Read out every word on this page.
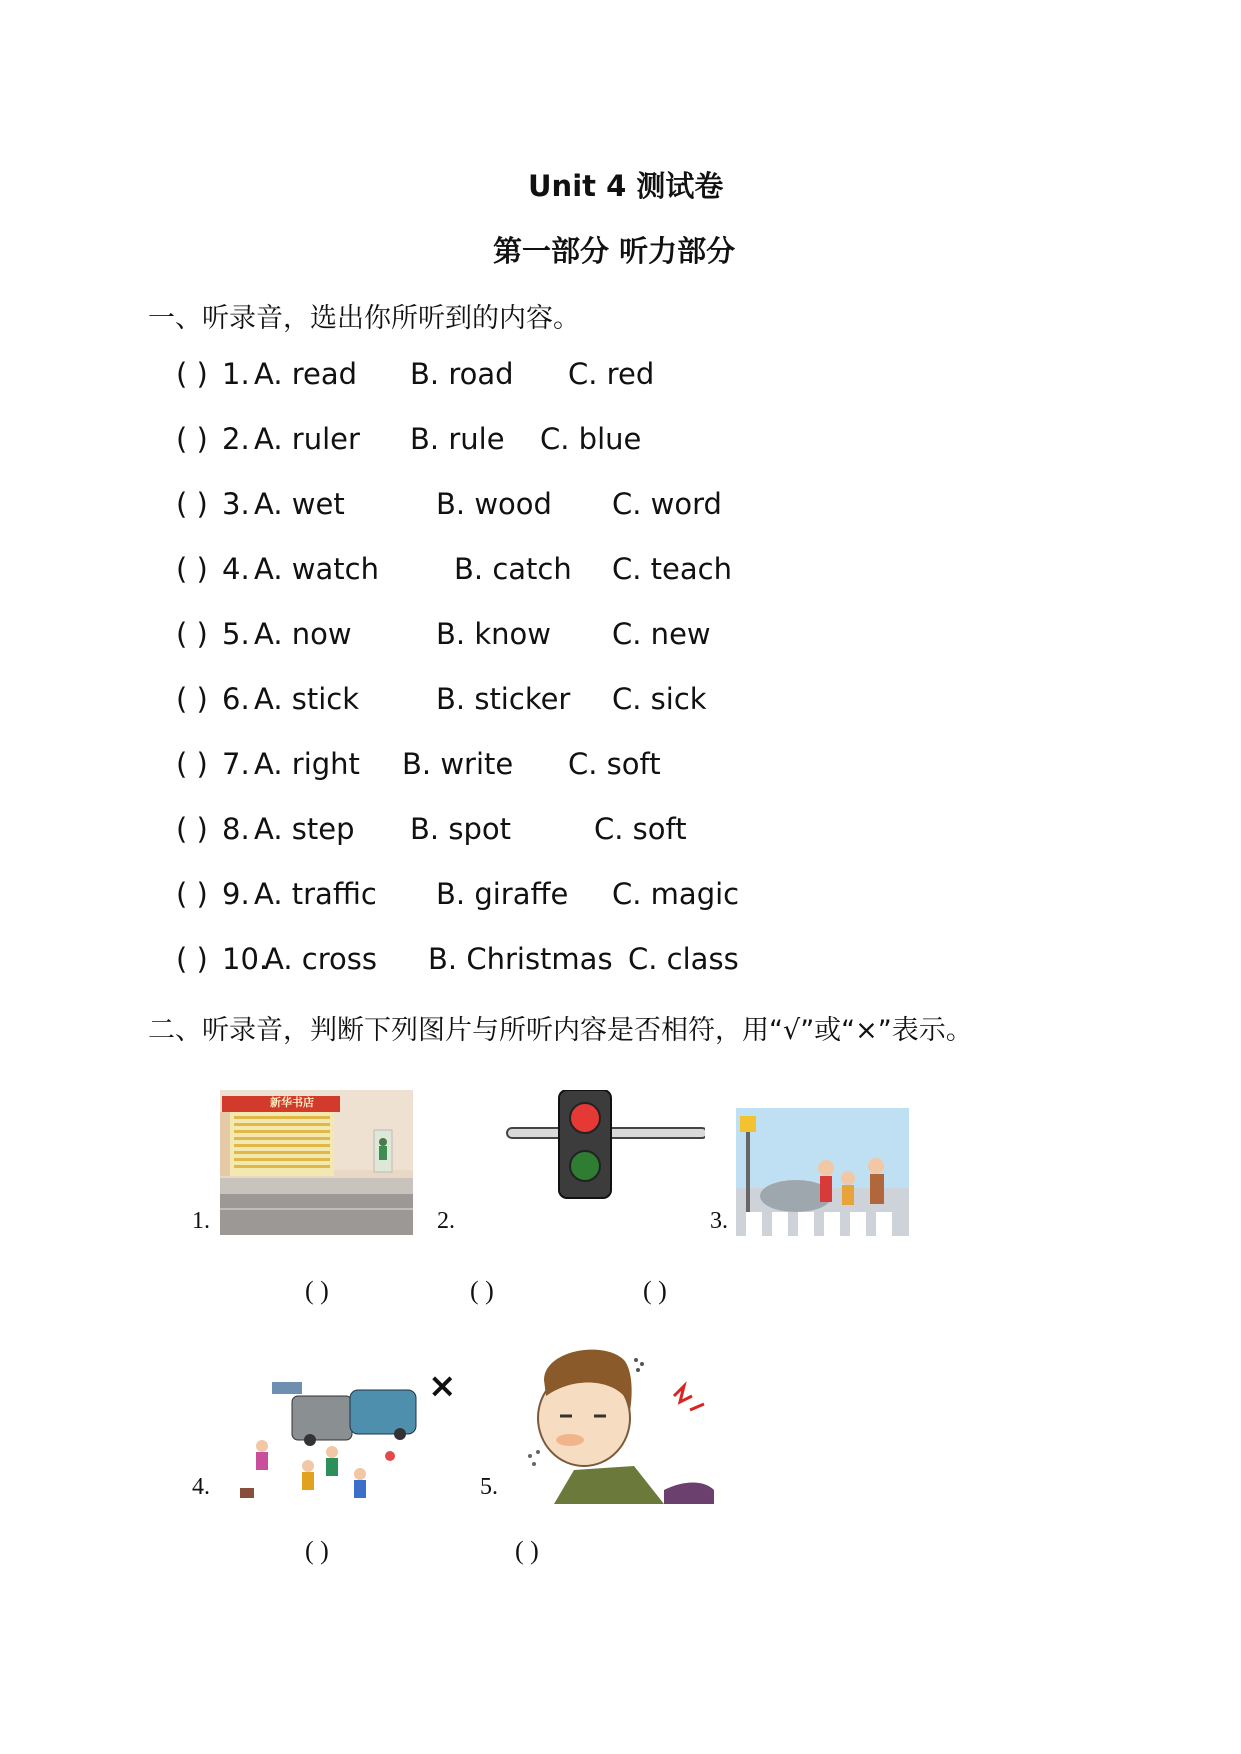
Unit 4 测试卷
第一部分 听力部分
一、听录音，选出你所听到的内容。
( ) 1. A. read B. road C. red
( ) 2. A. ruler B. rule C. blue
( ) 3. A. wet	B. wood C. word
( ) 4. A. watch	B. catch C. teach
( ) 5. A. now	B. know C. new
( ) 6. A. stick	B. sticker C. sick
( ) 7. A. right B. write C. soft
( ) 8. A. step B. spot	C. soft
( ) 9. A. traffic B. giraffe C. magic
( ) 10.
A. cross B. Christmas C. class
二、听录音，判断下列图片与所听内容是否相符，用“√”或“×”表示。
1.
新华书店
2.	3.
( )	( )	( )
4.
×
5.
( )	( )
